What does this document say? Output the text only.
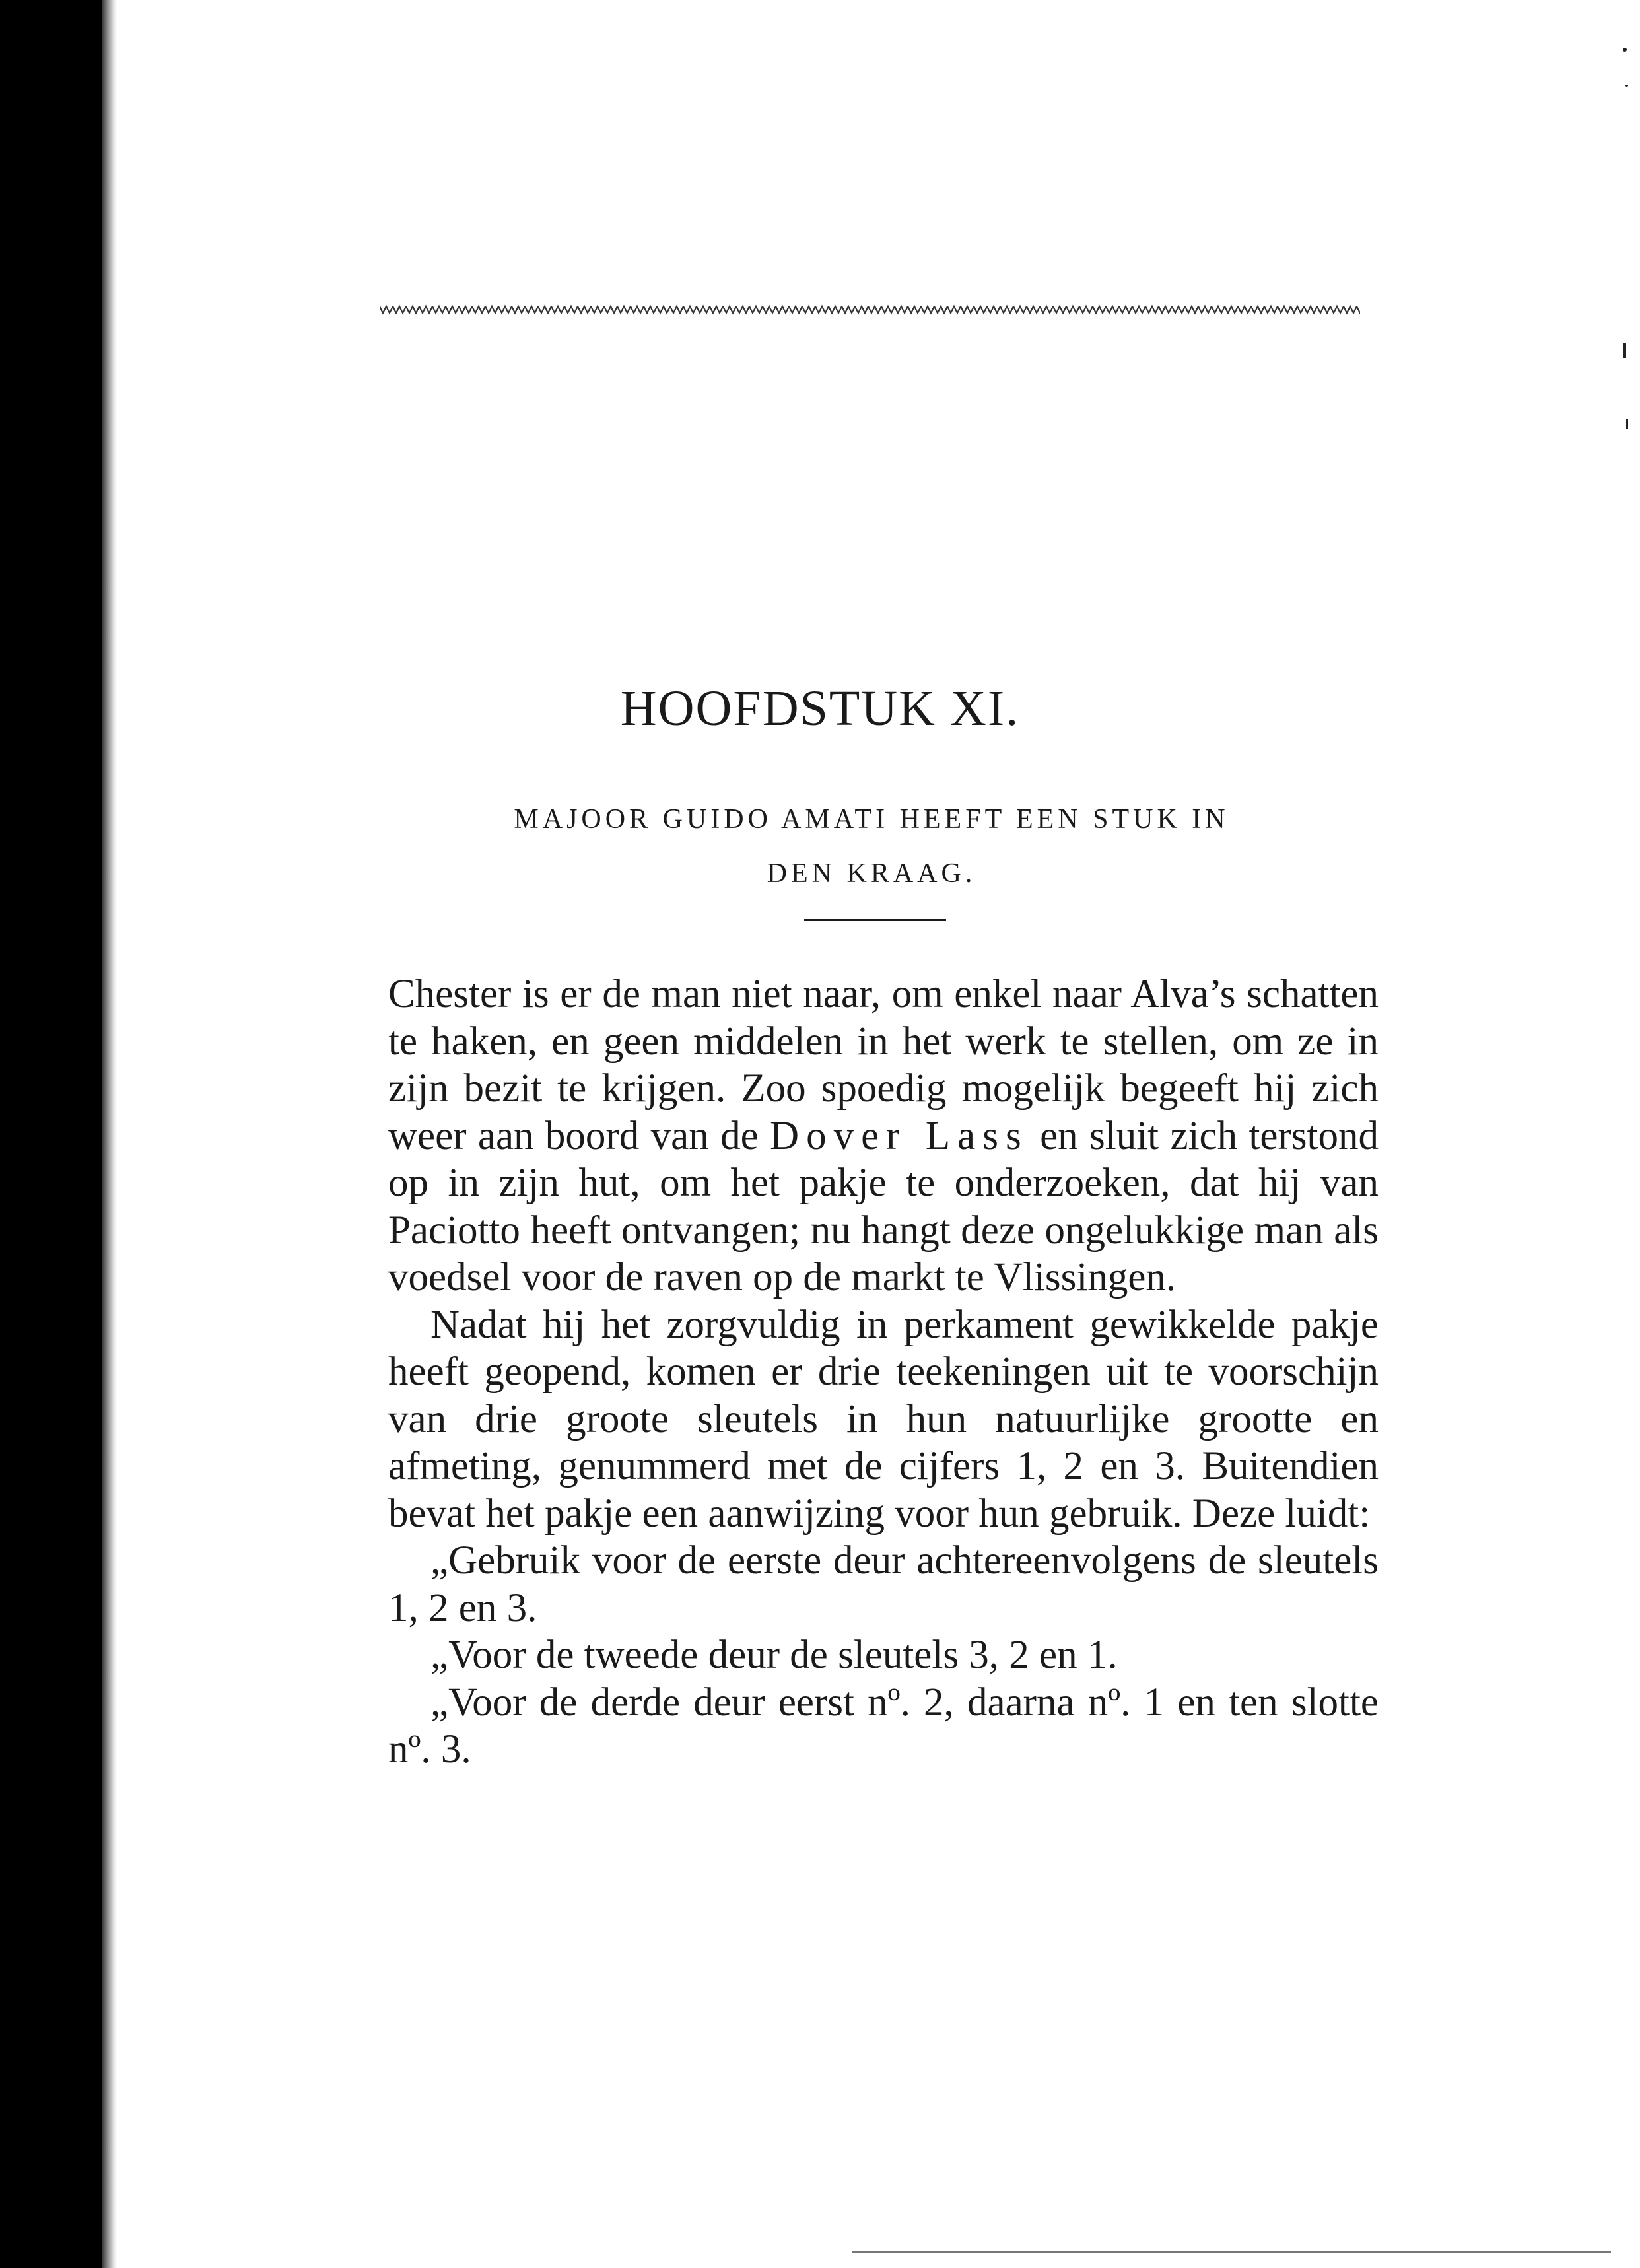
HOOFDSTUK XI.
MAJOOR GUIDO AMATI HEEFT EEN STUK IN
DEN KRAAG.

Chester is er de man niet naar, om enkel naar Alva’s schatten te haken, en geen middelen in het werk te stellen, om ze in zijn bezit te krijgen. Zoo spoedig mogelijk begeeft hij zich weer aan boord van de Dover Lass en sluit zich terstond op in zijn hut, om het pakje te onderzoeken, dat hij van Paciotto heeft ontvangen; nu hangt deze ongelukkige man als voedsel voor de raven op de markt te Vlissingen.

Nadat hij het zorgvuldig in perkament gewikkelde pakje heeft geopend, komen er drie teekeningen uit te voorschijn van drie groote sleutels in hun natuurlijke grootte en afmeting, genummerd met de cijfers 1, 2 en 3. Buitendien bevat het pakje een aanwijzing voor hun gebruik. Deze luidt:

„Gebruik voor de eerste deur achtereenvolgens de sleutels 1, 2 en 3.

„Voor de tweede deur de sleutels 3, 2 en 1.

„Voor de derde deur eerst nº. 2, daarna nº. 1 en ten slotte nº. 3.
